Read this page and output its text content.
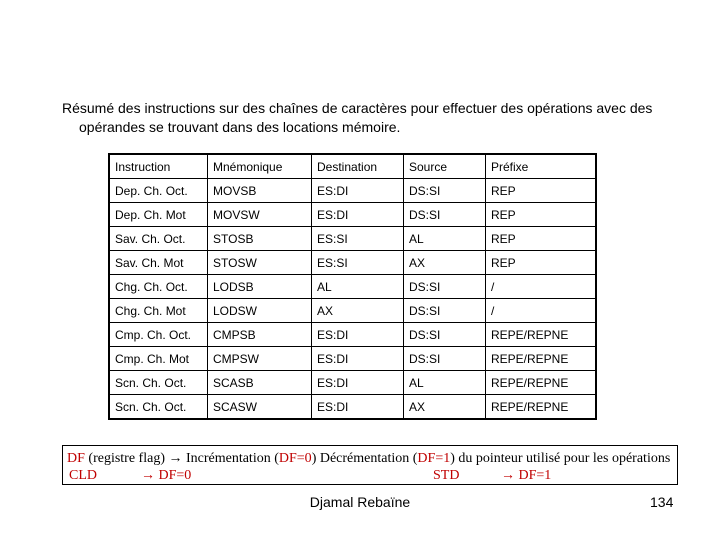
Résumé des instructions sur des chaînes de caractères pour effectuer des opérations avec des
opérandes se trouvant dans des locations mémoire.
Instruction	Mnémonique	Destination	Source	Préfixe
Dep. Ch. Oct.	MOVSB	ES:DI	DS:SI	REP
Dep. Ch. Mot	MOVSW	ES:DI	DS:SI	REP
Sav. Ch. Oct.	STOSB	ES:SI	AL	REP
Sav. Ch. Mot	STOSW	ES:SI	AX	REP
Chg. Ch. Oct.	LODSB	AL	DS:SI	/
Chg. Ch. Mot	LODSW	AX	DS:SI	/
Cmp. Ch. Oct.	CMPSB	ES:DI	DS:SI	REPE/REPNE
Cmp. Ch. Mot	CMPSW	ES:DI	DS:SI	REPE/REPNE
Scn. Ch. Oct.	SCASB	ES:DI	AL	REPE/REPNE
Scn. Ch. Oct.	SCASW	ES:DI	AX	REPE/REPNE
DF (registre flag) → Incrémentation (DF=0) Décrémentation (DF=1) du pointeur utilisé pour les opérations
CLD	→ DF=0	STD	→ DF=1
Djamal Rebaïne	134
